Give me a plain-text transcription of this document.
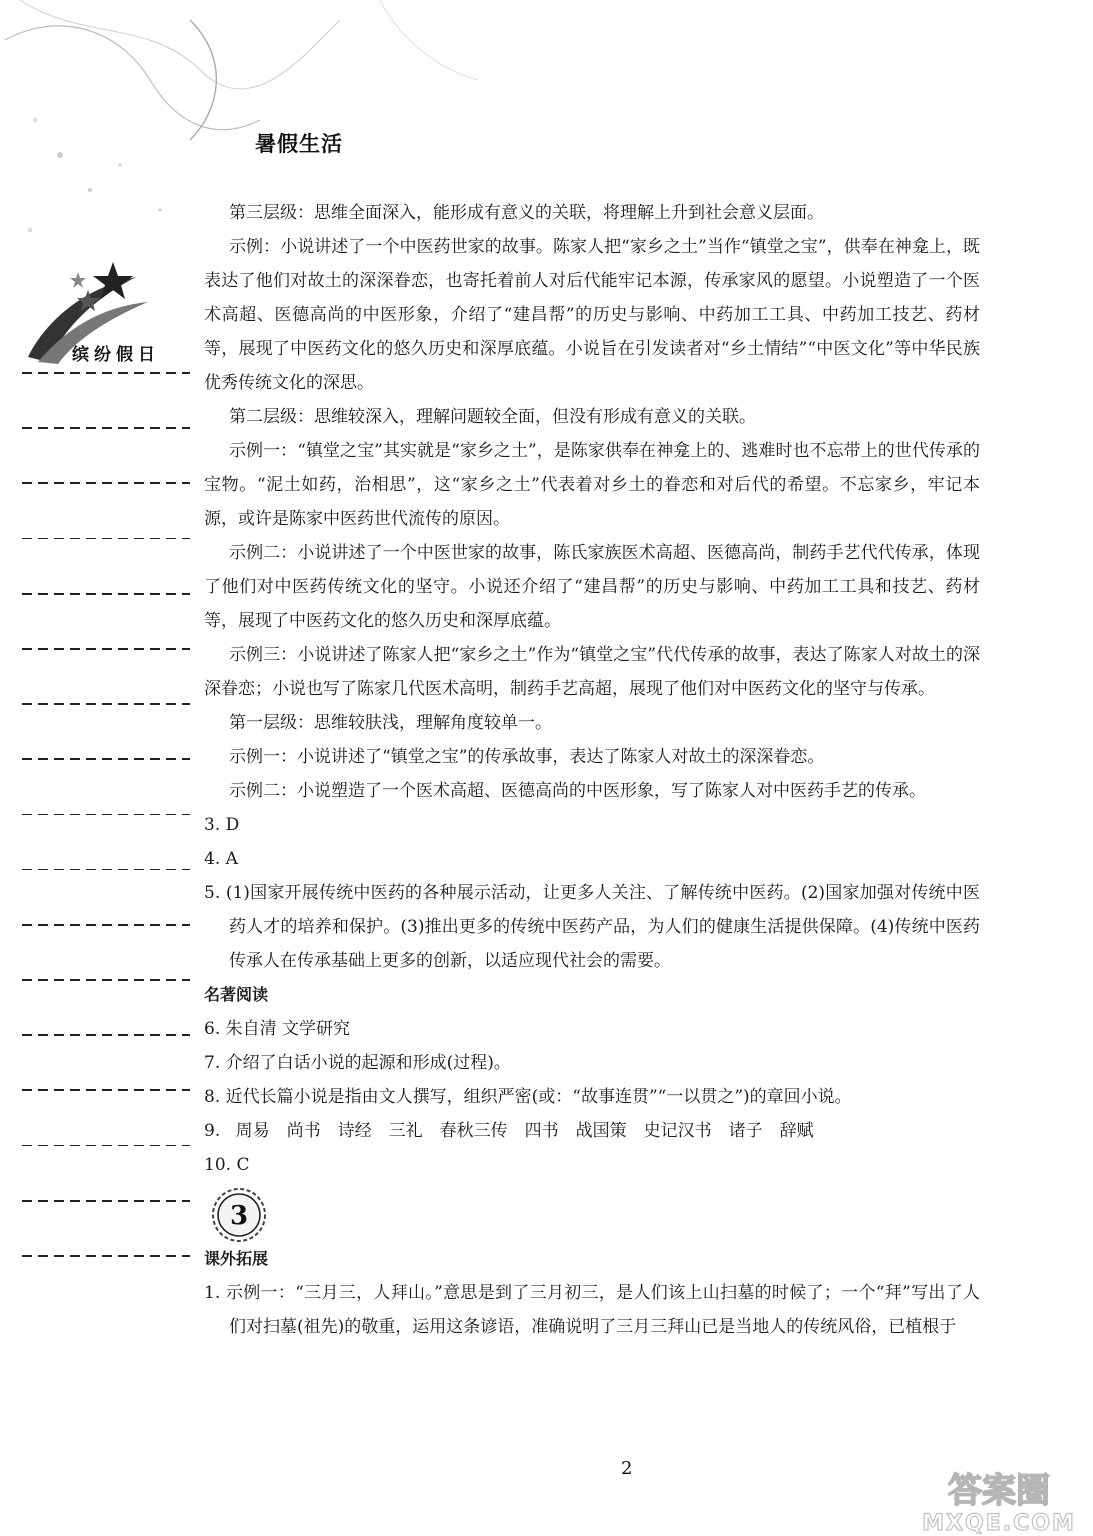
暑假生活

缤纷假日

第三层级：思维全面深入，能形成有意义的关联，将理解上升到社会意义层面。

示例：小说讲述了一个中医药世家的故事。陈家人把“家乡之土”当作“镇堂之宝”，供奉在神龛上，既表达了他们对故土的深深眷恋，也寄托着前人对后代能牢记本源，传承家风的愿望。小说塑造了一个医术高超、医德高尚的中医形象，介绍了“建昌帮”的历史与影响、中药加工工具、中药加工技艺、药材等，展现了中医药文化的悠久历史和深厚底蕴。小说旨在引发读者对“乡土情结”“中医文化”等中华民族优秀传统文化的深思。

第二层级：思维较深入，理解问题较全面，但没有形成有意义的关联。

示例一：“镇堂之宝”其实就是“家乡之土”，是陈家供奉在神龛上的、逃难时也不忘带上的世代传承的宝物。“泥土如药，治相思”，这“家乡之土”代表着对乡土的眷恋和对后代的希望。不忘家乡，牢记本源，或许是陈家中医药世代流传的原因。

示例二：小说讲述了一个中医世家的故事，陈氏家族医术高超、医德高尚，制药手艺代代传承，体现了他们对中医药传统文化的坚守。小说还介绍了“建昌帮”的历史与影响、中药加工工具和技艺、药材等，展现了中医药文化的悠久历史和深厚底蕴。

示例三：小说讲述了陈家人把“家乡之土”作为“镇堂之宝”代代传承的故事，表达了陈家人对故土的深深眷恋；小说也写了陈家几代医术高明，制药手艺高超，展现了他们对中医药文化的坚守与传承。

第一层级：思维较肤浅，理解角度较单一。

示例一：小说讲述了“镇堂之宝”的传承故事，表达了陈家人对故土的深深眷恋。

示例二：小说塑造了一个医术高超、医德高尚的中医形象，写了陈家人对中医药手艺的传承。

3. D

4. A

5. (1)国家开展传统中医药的各种展示活动，让更多人关注、了解传统中医药。(2)国家加强对传统中医药人才的培养和保护。(3)推出更多的传统中医药产品，为人们的健康生活提供保障。(4)传统中医药传承人在传承基础上更多的创新，以适应现代社会的需要。

名著阅读

6. 朱自清 文学研究

7. 介绍了白话小说的起源和形成(过程)。

8. 近代长篇小说是指由文人撰写，组织严密(或：“故事连贯”“一以贯之”)的章回小说。

9. 周易　尚书　诗经　三礼　春秋三传　四书　战国策　史记汉书　诸子　辞赋

10. C

3

课外拓展

1. 示例一：“三月三，人拜山。”意思是到了三月初三，是人们该上山扫墓的时候了；一个“拜”写出了人们对扫墓(祖先)的敬重，运用这条谚语，准确说明了三月三拜山已是当地人的传统风俗，已植根于

2

答案圈
MXQE.COM
